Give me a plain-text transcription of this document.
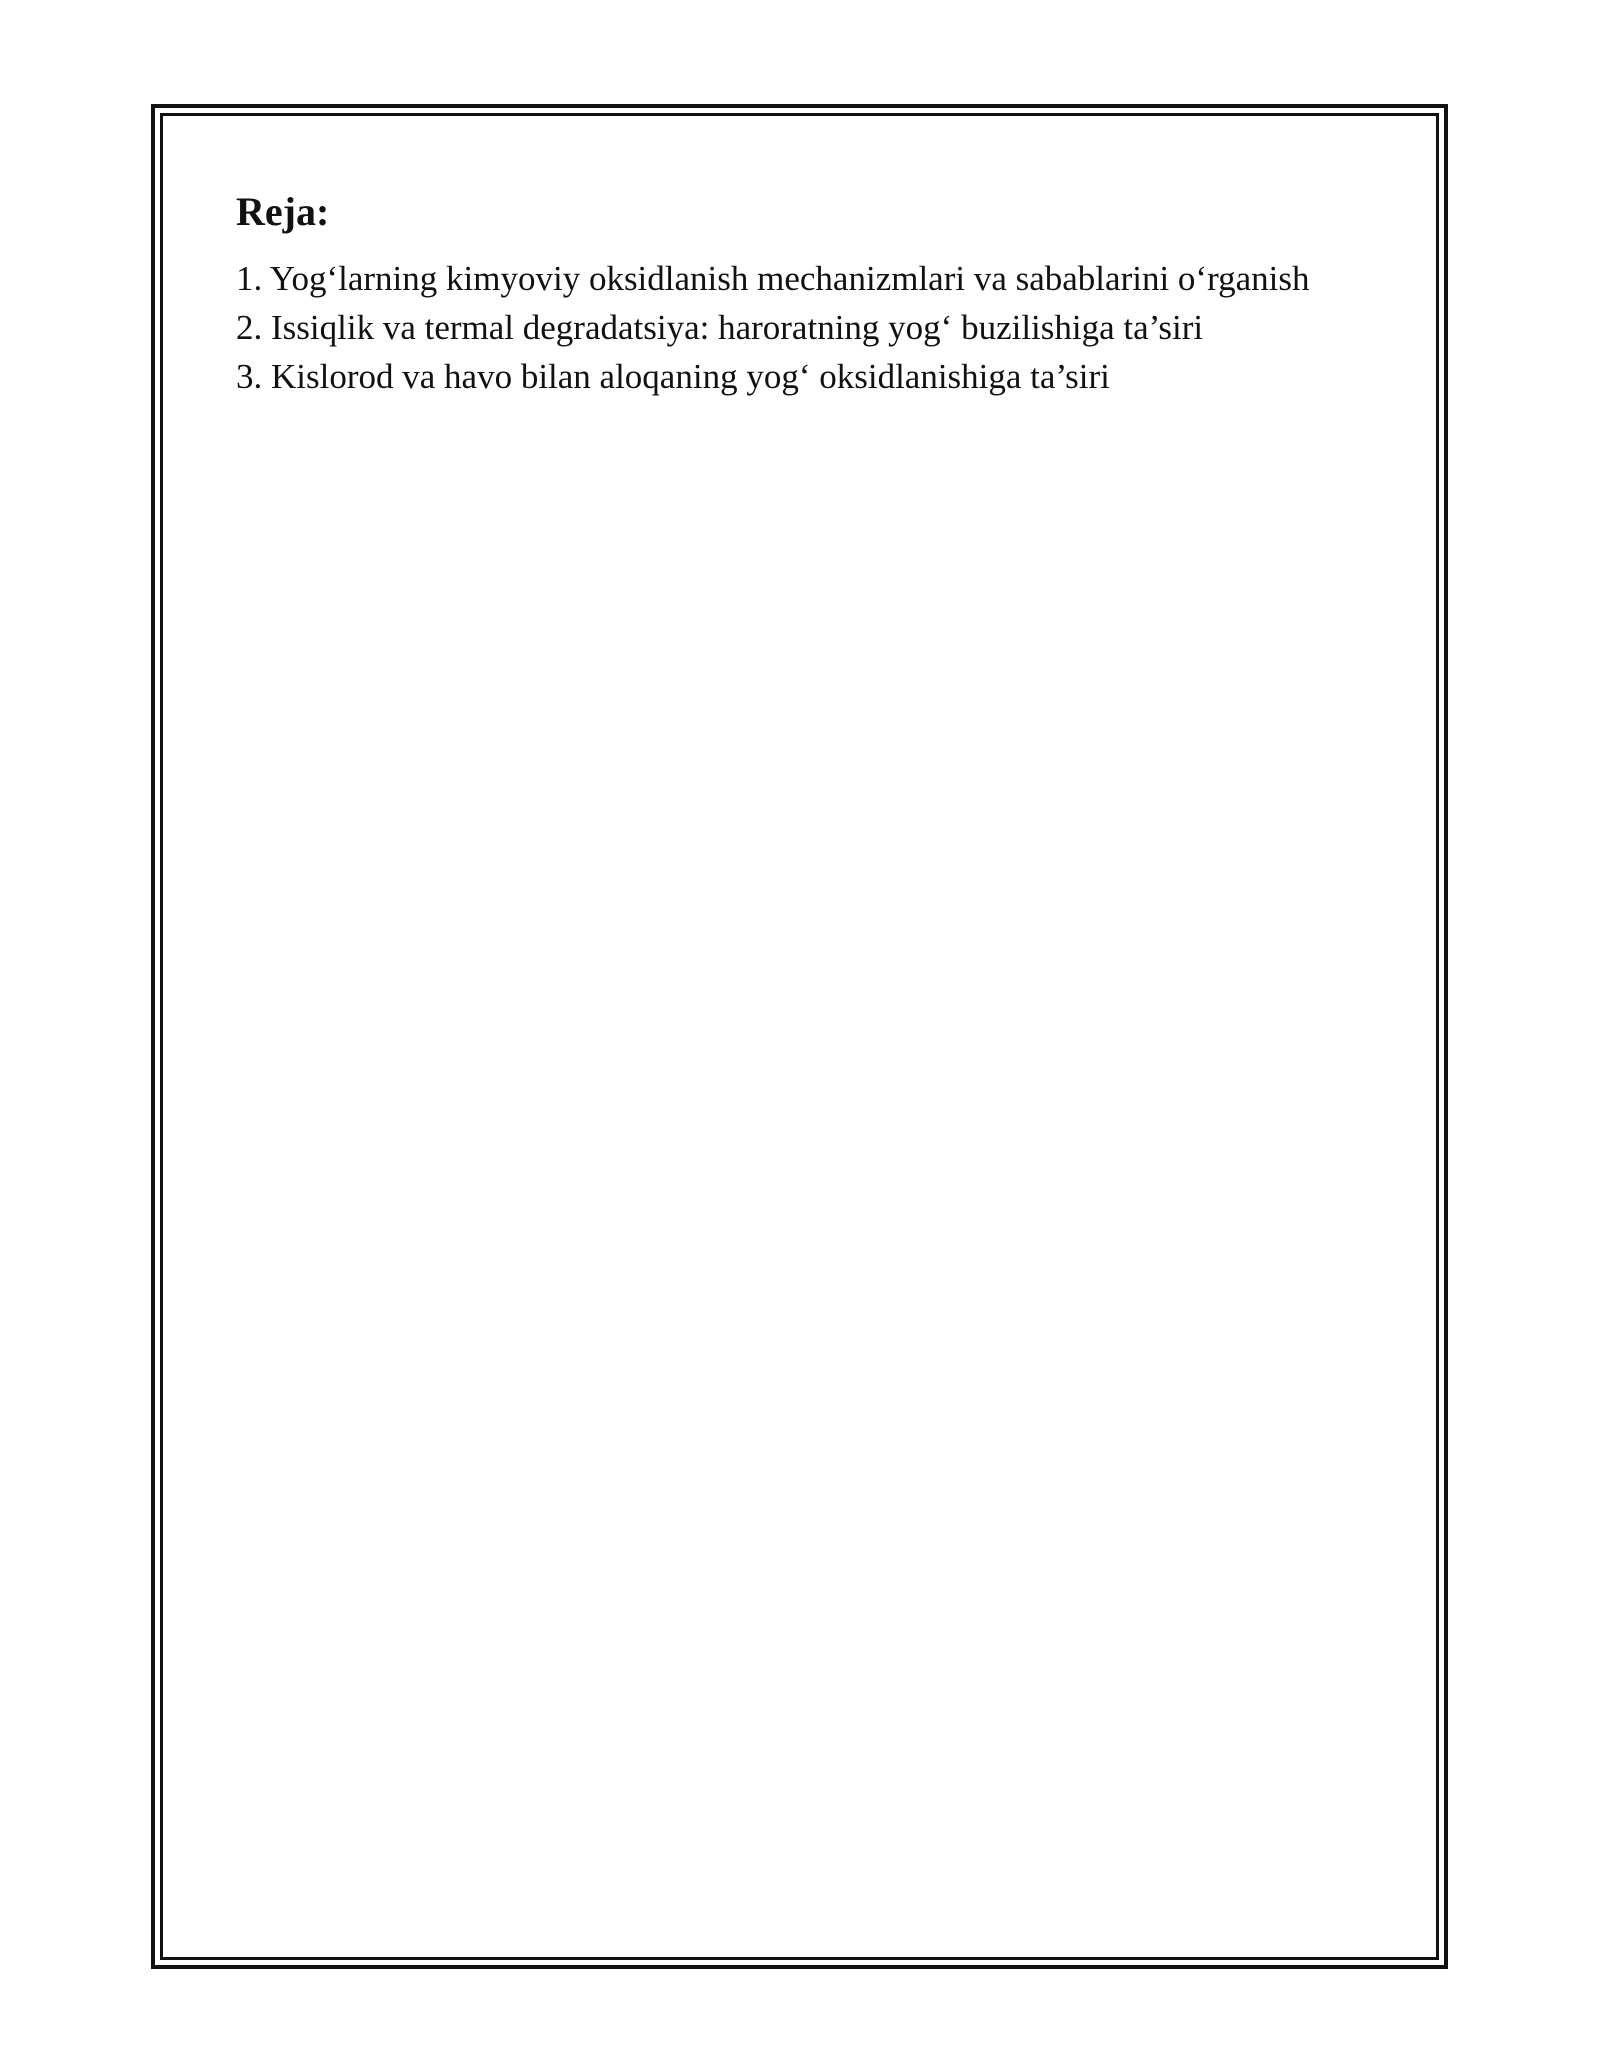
Reja:
1. Yog‘larning kimyoviy oksidlanish mechanizmlari va sabablarini o‘rganish
2. Issiqlik va termal degradatsiya: haroratning yog‘ buzilishiga ta’siri
3. Kislorod va havo bilan aloqaning yog‘ oksidlanishiga ta’siri
